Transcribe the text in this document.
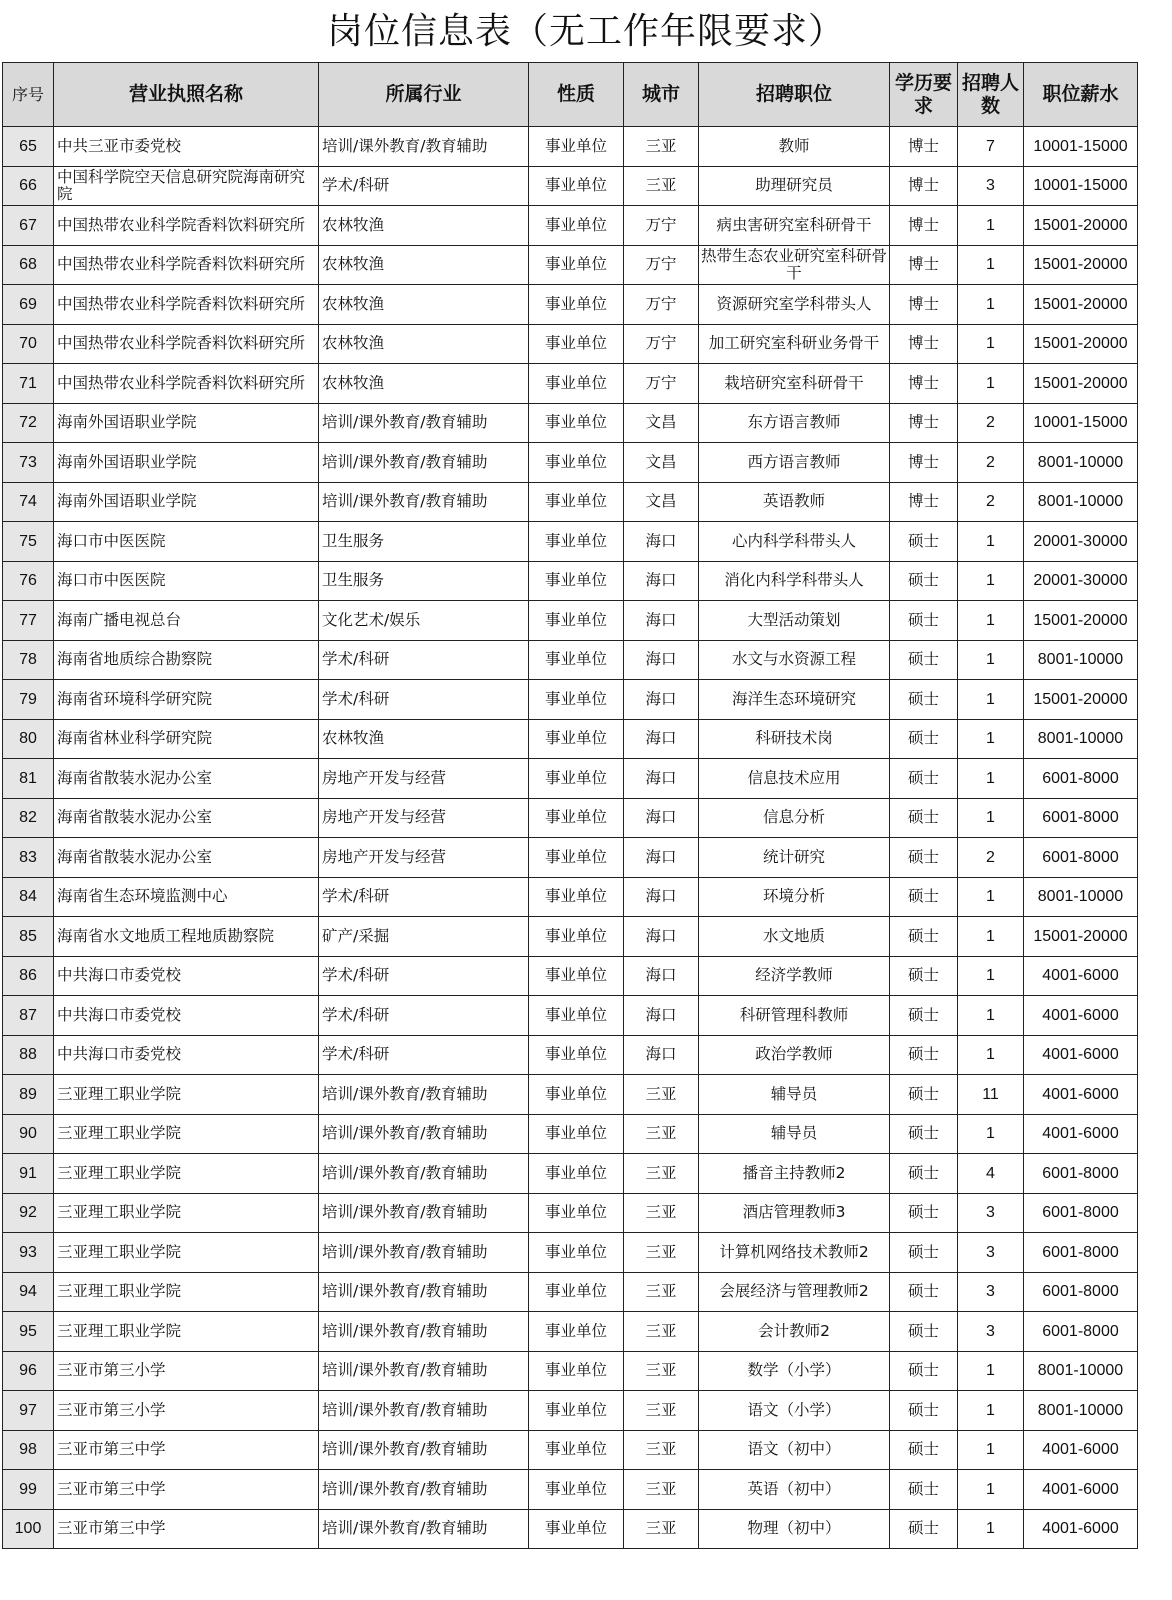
岗位信息表（无工作年限要求）
序号	营业执照名称	所属行业	性质	城市	招聘职位	学历要求	招聘人数	职位薪水
65	中共三亚市委党校	培训/课外教育/教育辅助	事业单位	三亚	教师	博士	7	10001-15000
66	中国科学院空天信息研究院海南研究院	学术/科研	事业单位	三亚	助理研究员	博士	3	10001-15000
67	中国热带农业科学院香料饮料研究所	农林牧渔	事业单位	万宁	病虫害研究室科研骨干	博士	1	15001-20000
68	中国热带农业科学院香料饮料研究所	农林牧渔	事业单位	万宁	热带生态农业研究室科研骨干	博士	1	15001-20000
69	中国热带农业科学院香料饮料研究所	农林牧渔	事业单位	万宁	资源研究室学科带头人	博士	1	15001-20000
70	中国热带农业科学院香料饮料研究所	农林牧渔	事业单位	万宁	加工研究室科研业务骨干	博士	1	15001-20000
71	中国热带农业科学院香料饮料研究所	农林牧渔	事业单位	万宁	栽培研究室科研骨干	博士	1	15001-20000
72	海南外国语职业学院	培训/课外教育/教育辅助	事业单位	文昌	东方语言教师	博士	2	10001-15000
73	海南外国语职业学院	培训/课外教育/教育辅助	事业单位	文昌	西方语言教师	博士	2	8001-10000
74	海南外国语职业学院	培训/课外教育/教育辅助	事业单位	文昌	英语教师	博士	2	8001-10000
75	海口市中医医院	卫生服务	事业单位	海口	心内科学科带头人	硕士	1	20001-30000
76	海口市中医医院	卫生服务	事业单位	海口	消化内科学科带头人	硕士	1	20001-30000
77	海南广播电视总台	文化艺术/娱乐	事业单位	海口	大型活动策划	硕士	1	15001-20000
78	海南省地质综合勘察院	学术/科研	事业单位	海口	水文与水资源工程	硕士	1	8001-10000
79	海南省环境科学研究院	学术/科研	事业单位	海口	海洋生态环境研究	硕士	1	15001-20000
80	海南省林业科学研究院	农林牧渔	事业单位	海口	科研技术岗	硕士	1	8001-10000
81	海南省散装水泥办公室	房地产开发与经营	事业单位	海口	信息技术应用	硕士	1	6001-8000
82	海南省散装水泥办公室	房地产开发与经营	事业单位	海口	信息分析	硕士	1	6001-8000
83	海南省散装水泥办公室	房地产开发与经营	事业单位	海口	统计研究	硕士	2	6001-8000
84	海南省生态环境监测中心	学术/科研	事业单位	海口	环境分析	硕士	1	8001-10000
85	海南省水文地质工程地质勘察院	矿产/采掘	事业单位	海口	水文地质	硕士	1	15001-20000
86	中共海口市委党校	学术/科研	事业单位	海口	经济学教师	硕士	1	4001-6000
87	中共海口市委党校	学术/科研	事业单位	海口	科研管理科教师	硕士	1	4001-6000
88	中共海口市委党校	学术/科研	事业单位	海口	政治学教师	硕士	1	4001-6000
89	三亚理工职业学院	培训/课外教育/教育辅助	事业单位	三亚	辅导员	硕士	11	4001-6000
90	三亚理工职业学院	培训/课外教育/教育辅助	事业单位	三亚	辅导员	硕士	1	4001-6000
91	三亚理工职业学院	培训/课外教育/教育辅助	事业单位	三亚	播音主持教师2	硕士	4	6001-8000
92	三亚理工职业学院	培训/课外教育/教育辅助	事业单位	三亚	酒店管理教师3	硕士	3	6001-8000
93	三亚理工职业学院	培训/课外教育/教育辅助	事业单位	三亚	计算机网络技术教师2	硕士	3	6001-8000
94	三亚理工职业学院	培训/课外教育/教育辅助	事业单位	三亚	会展经济与管理教师2	硕士	3	6001-8000
95	三亚理工职业学院	培训/课外教育/教育辅助	事业单位	三亚	会计教师2	硕士	3	6001-8000
96	三亚市第三小学	培训/课外教育/教育辅助	事业单位	三亚	数学（小学）	硕士	1	8001-10000
97	三亚市第三小学	培训/课外教育/教育辅助	事业单位	三亚	语文（小学）	硕士	1	8001-10000
98	三亚市第三中学	培训/课外教育/教育辅助	事业单位	三亚	语文（初中）	硕士	1	4001-6000
99	三亚市第三中学	培训/课外教育/教育辅助	事业单位	三亚	英语（初中）	硕士	1	4001-6000
100	三亚市第三中学	培训/课外教育/教育辅助	事业单位	三亚	物理（初中）	硕士	1	4001-6000
